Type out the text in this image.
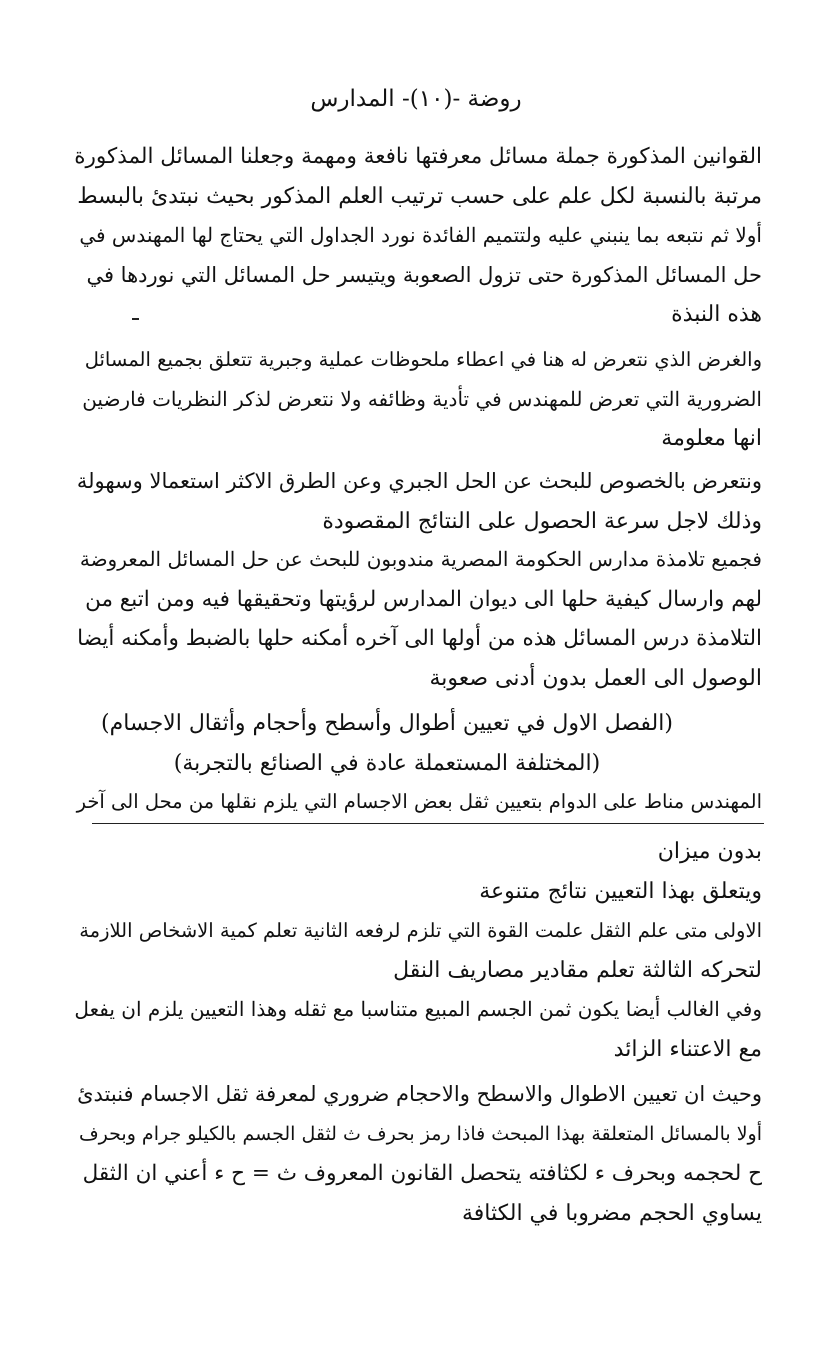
روضة -(١٠)- المدارس
القوانين المذكورة جملة مسائل معرفتها نافعة ومهمة وجعلنا المسائل المذكورة
مرتبة بالنسبة لكل علم على حسب ترتيب العلم المذكور بحيث نبتدئ بالبسط
أولا ثم نتبعه بما ينبني عليه ولتتميم الفائدة نورد الجداول التي يحتاج لها المهندس في
حل المسائل المذكورة حتى تزول الصعوبة ويتيسر حل المسائل التي نوردها في
هذه النبذة
والغرض الذي نتعرض له هنا في اعطاء ملحوظات عملية وجبرية تتعلق بجميع المسائل
الضرورية التي تعرض للمهندس في تأدية وظائفه ولا نتعرض لذكر النظريات فارضين
انها معلومة
ونتعرض بالخصوص للبحث عن الحل الجبري وعن الطرق الاكثر استعمالا وسهولة
وذلك لاجل سرعة الحصول على النتائج المقصودة
فجميع تلامذة مدارس الحكومة المصرية مندوبون للبحث عن حل المسائل المعروضة
لهم وارسال كيفية حلها الى ديوان المدارس لرؤيتها وتحقيقها فيه ومن اتبع من
التلامذة درس المسائل هذه من أولها الى آخره أمكنه حلها بالضبط وأمكنه أيضا
الوصول الى العمل بدون أدنى صعوبة
(الفصل الاول في تعيين أطوال وأسطح وأحجام وأثقال الاجسام)
(المختلفة المستعملة عادة في الصنائع بالتجربة)
المهندس مناط على الدوام بتعيين ثقل بعض الاجسام التي يلزم نقلها من محل الى آخر
بدون ميزان
ويتعلق بهذا التعيين نتائج متنوعة
الاولى متى علم الثقل علمت القوة التي تلزم لرفعه الثانية تعلم كمية الاشخاص اللازمة
لتحركه الثالثة تعلم مقادير مصاريف النقل
وفي الغالب أيضا يكون ثمن الجسم المبيع متناسبا مع ثقله وهذا التعيين يلزم ان يفعل
مع الاعتناء الزائد
وحيث ان تعيين الاطوال والاسطح والاحجام ضروري لمعرفة ثقل الاجسام فنبتدئ
أولا بالمسائل المتعلقة بهذا المبحث فاذا رمز بحرف ث لثقل الجسم بالكيلو جرام وبحرف
ح لحجمه وبحرف ء لكثافته يتحصل القانون المعروف ث = ح ء أعني ان الثقل
يساوي الحجم مضروبا في الكثافة
